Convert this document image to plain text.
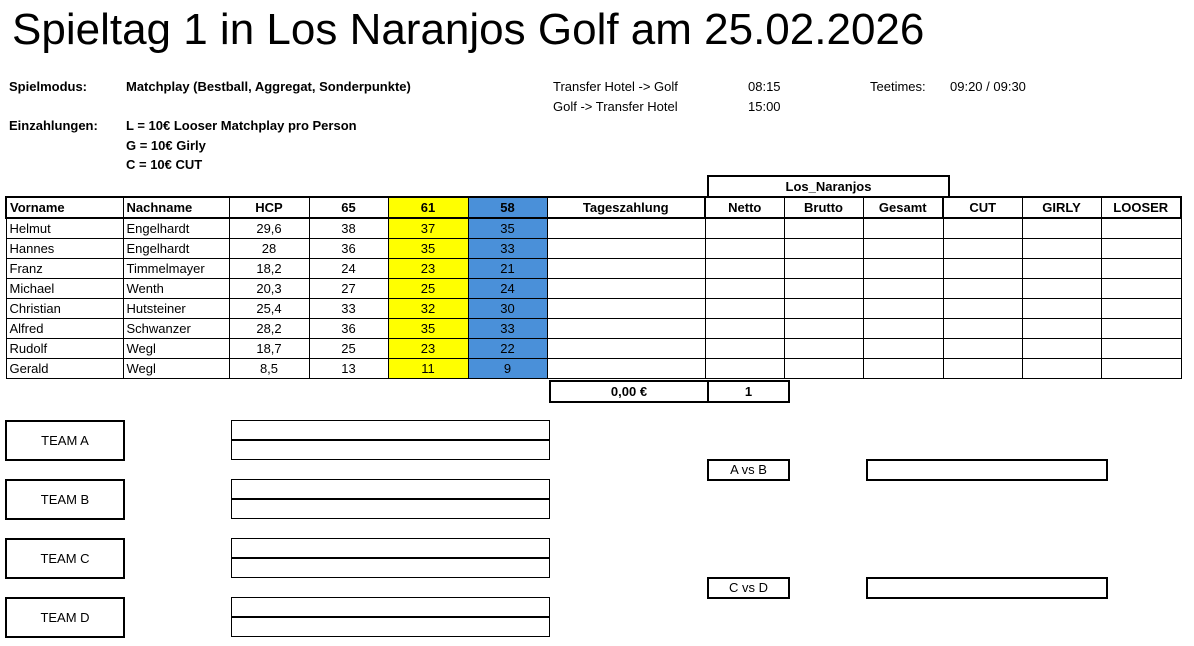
Spieltag 1 in Los Naranjos Golf am 25.02.2026
Spielmodus:	Matchplay (Bestball, Aggregat, Sonderpunkte)
Einzahlungen: L = 10€ Looser Matchplay pro Person
G = 10€ Girly
C = 10€ CUT
Transfer Hotel -> Golf	08:15
Golf -> Transfer Hotel	15:00
Teetimes: 09:20 / 09:30
Los_Naranjos
Vorname	Nachname	HCP	65	61	58	Tageszahlung	Netto	Brutto	Gesamt	CUT	GIRLY	LOOSER
Helmut	Engelhardt	29,6	38	37	35							
Hannes	Engelhardt	28	36	35	33							
Franz	Timmelmayer	18,2	24	23	21							
Michael	Wenth	20,3	27	25	24							
Christian	Hutsteiner	25,4	33	32	30							
Alfred	Schwanzer	28,2	36	35	33							
Rudolf	Wegl	18,7	25	23	22							
Gerald	Wegl	8,5	13	11	9							
0,00 €	1
TEAM A
TEAM B
TEAM C
TEAM D
A vs B
C vs D
